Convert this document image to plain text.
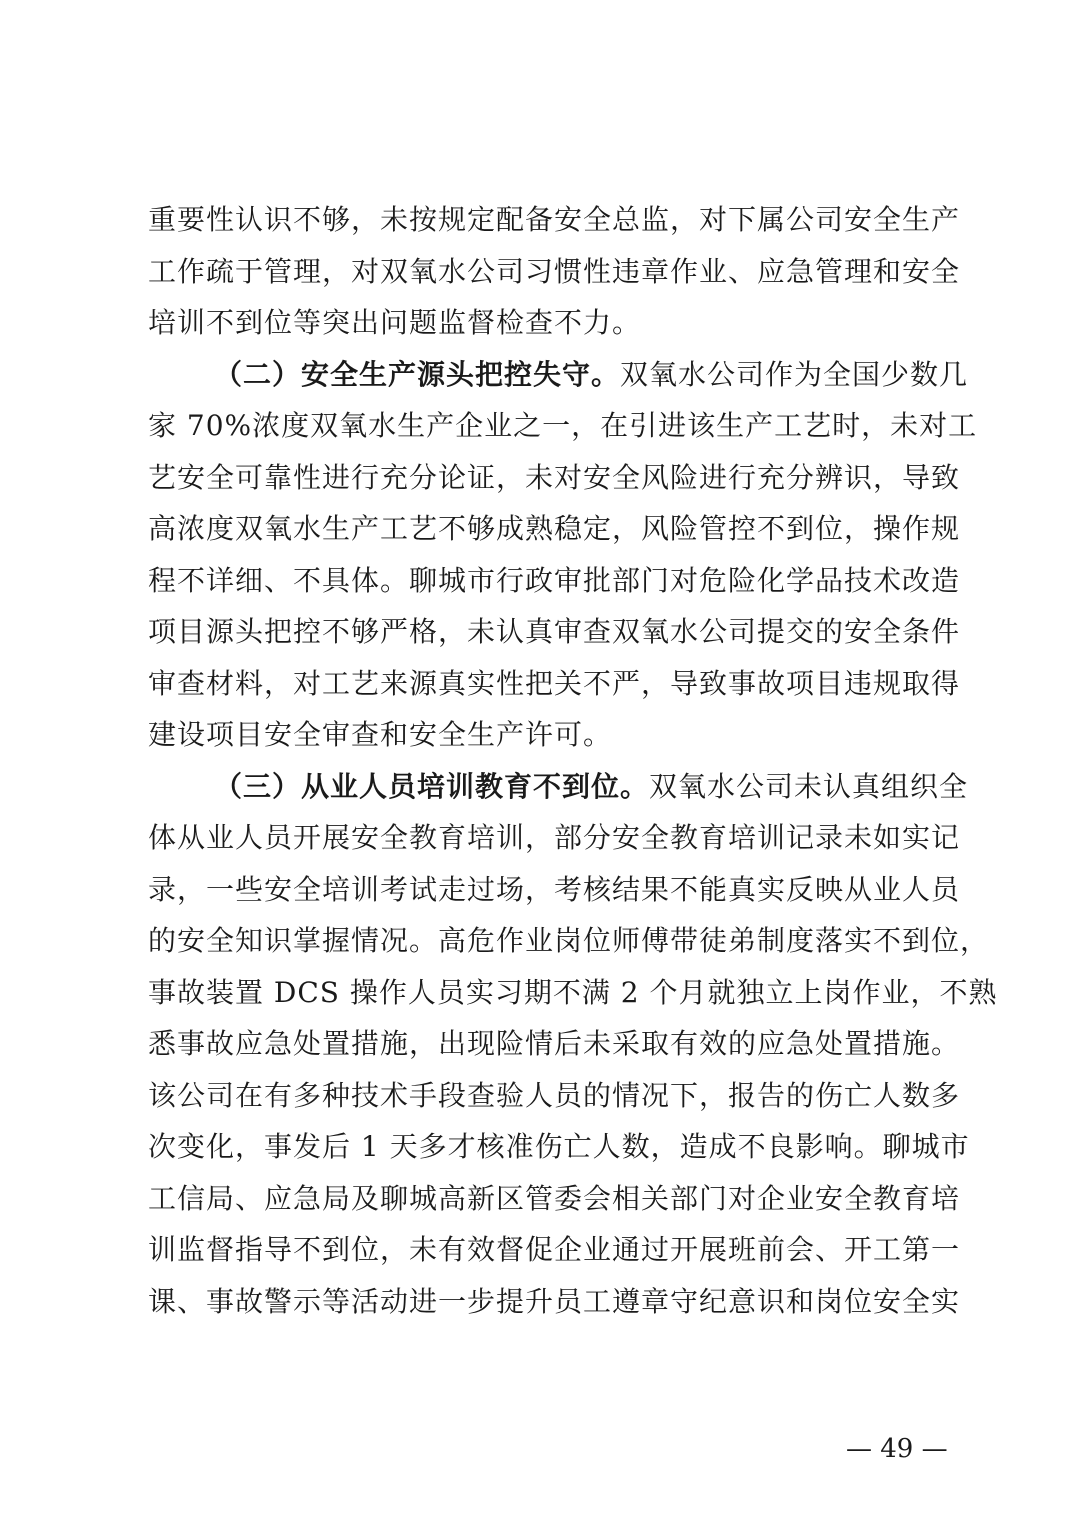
重要性认识不够，未按规定配备安全总监，对下属公司安全生产
工作疏于管理，对双氧水公司习惯性违章作业、应急管理和安全
培训不到位等突出问题监督检查不力。
（二）安全生产源头把控失守。双氧水公司作为全国少数几
家 70%浓度双氧水生产企业之一，在引进该生产工艺时，未对工
艺安全可靠性进行充分论证，未对安全风险进行充分辨识，导致
高浓度双氧水生产工艺不够成熟稳定，风险管控不到位，操作规
程不详细、不具体。聊城市行政审批部门对危险化学品技术改造
项目源头把控不够严格，未认真审查双氧水公司提交的安全条件
审查材料，对工艺来源真实性把关不严，导致事故项目违规取得
建设项目安全审查和安全生产许可。
（三）从业人员培训教育不到位。双氧水公司未认真组织全
体从业人员开展安全教育培训，部分安全教育培训记录未如实记
录，一些安全培训考试走过场，考核结果不能真实反映从业人员
的安全知识掌握情况。高危作业岗位师傅带徒弟制度落实不到位，
事故装置 DCS 操作人员实习期不满 2 个月就独立上岗作业，不熟
悉事故应急处置措施，出现险情后未采取有效的应急处置措施。
该公司在有多种技术手段查验人员的情况下，报告的伤亡人数多
次变化，事发后 1 天多才核准伤亡人数，造成不良影响。聊城市
工信局、应急局及聊城高新区管委会相关部门对企业安全教育培
训监督指导不到位，未有效督促企业通过开展班前会、开工第一
课、事故警示等活动进一步提升员工遵章守纪意识和岗位安全实
— 49 —
